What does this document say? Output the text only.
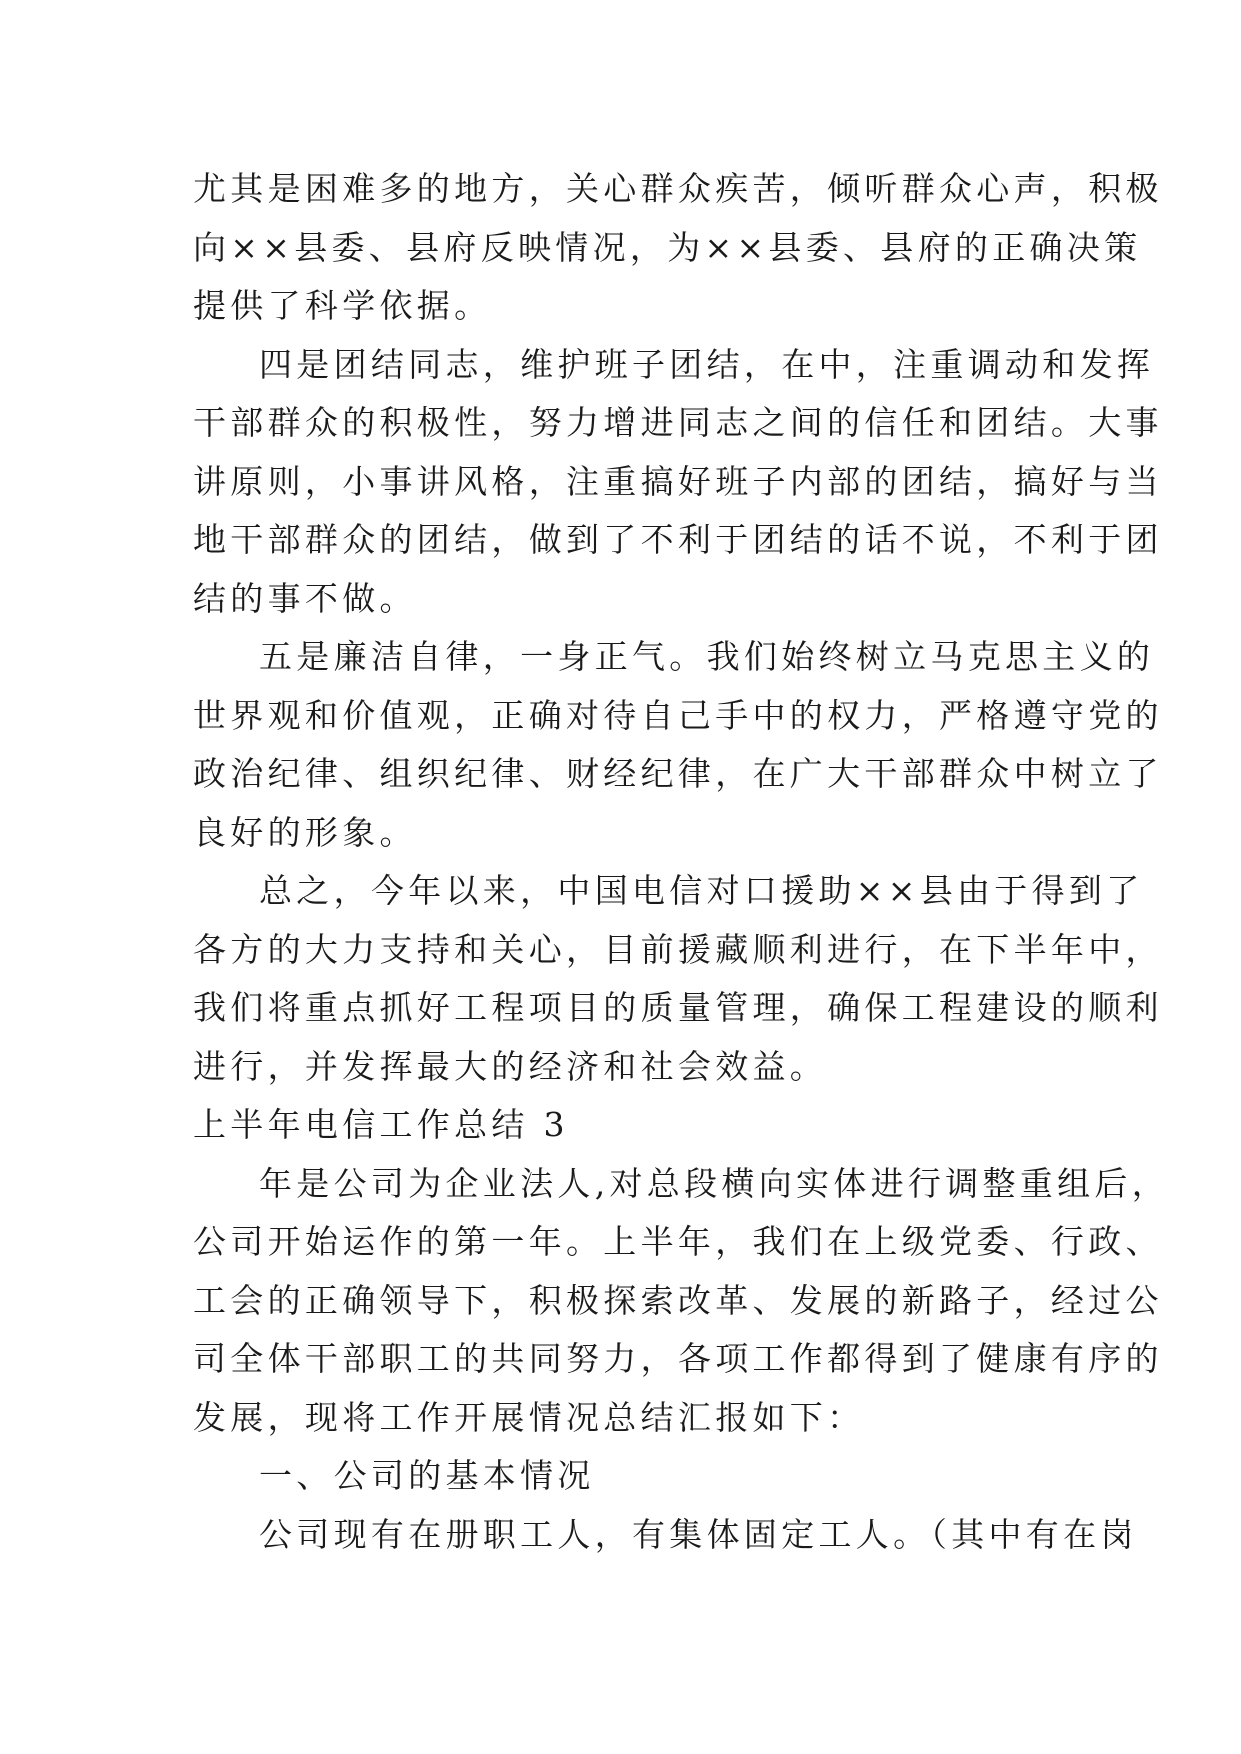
尤其是困难多的地方，关心群众疾苦，倾听群众心声，积极
向××县委、县府反映情况，为××县委、县府的正确决策
提供了科学依据。
四是团结同志，维护班子团结，在中，注重调动和发挥
干部群众的积极性，努力增进同志之间的信任和团结。大事
讲原则，小事讲风格，注重搞好班子内部的团结，搞好与当
地干部群众的团结，做到了不利于团结的话不说，不利于团
结的事不做。
五是廉洁自律，一身正气。我们始终树立马克思主义的
世界观和价值观，正确对待自己手中的权力，严格遵守党的
政治纪律、组织纪律、财经纪律，在广大干部群众中树立了
良好的形象。
总之，今年以来，中国电信对口援助××县由于得到了
各方的大力支持和关心，目前援藏顺利进行，在下半年中，
我们将重点抓好工程项目的质量管理，确保工程建设的顺利
进行，并发挥最大的经济和社会效益。
上半年电信工作总结 3
年是公司为企业法人,对总段横向实体进行调整重组后，
公司开始运作的第一年。上半年，我们在上级党委、行政、
工会的正确领导下，积极探索改革、发展的新路子，经过公
司全体干部职工的共同努力，各项工作都得到了健康有序的
发展，现将工作开展情况总结汇报如下：
一、公司的基本情况
公司现有在册职工人，有集体固定工人。（其中有在岗
